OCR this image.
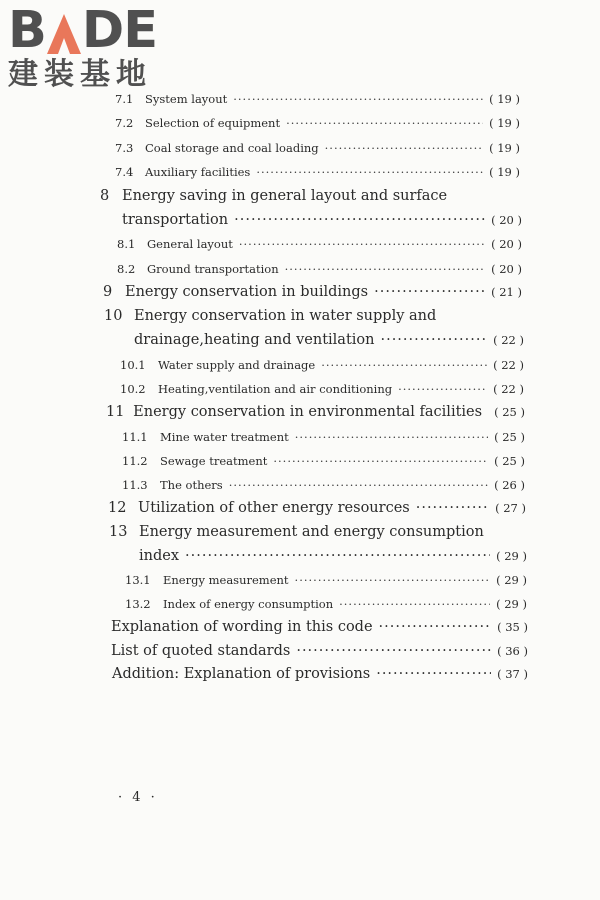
B D E
建装基地
7.1	System layout ·····	( 19 )
7.2	Selection of equipment ·····	( 19 )
7.3	Coal storage and coal loading ·····	( 19 )
7.4	Auxiliary facilities ·····	( 19 )
8 Energy saving in general layout and surface
transportation ·····	( 20 )
8.1	General layout ·····	( 20 )
8.2	Ground transportation ·····	( 20 )
9 Energy conservation in buildings ·····	( 21 )
10 Energy conservation in water supply and
drainage,heating and ventilation ·····	( 22 )
10.1	Water supply and drainage ·····	( 22 )
10.2	Heating,ventilation and air conditioning ·····	( 22 )
11 Energy conservation in environmental facilities ( 25 )
11.1	Mine water treatment ·····	( 25 )
11.2	Sewage treatment ·····	( 25 )
11.3	The others ·····	( 26 )
12 Utilization of other energy resources ·····	( 27 )
13 Energy measurement and energy consumption
index ·····	( 29 )
13.1	Energy measurement ·····	( 29 )
13.2	Index of energy consumption ·····	( 29 )
Explanation of wording in this code ·····	( 35 )
List of quoted standards ·····	( 36 )
Addition: Explanation of provisions ·····	( 37 )
· 4 ·
